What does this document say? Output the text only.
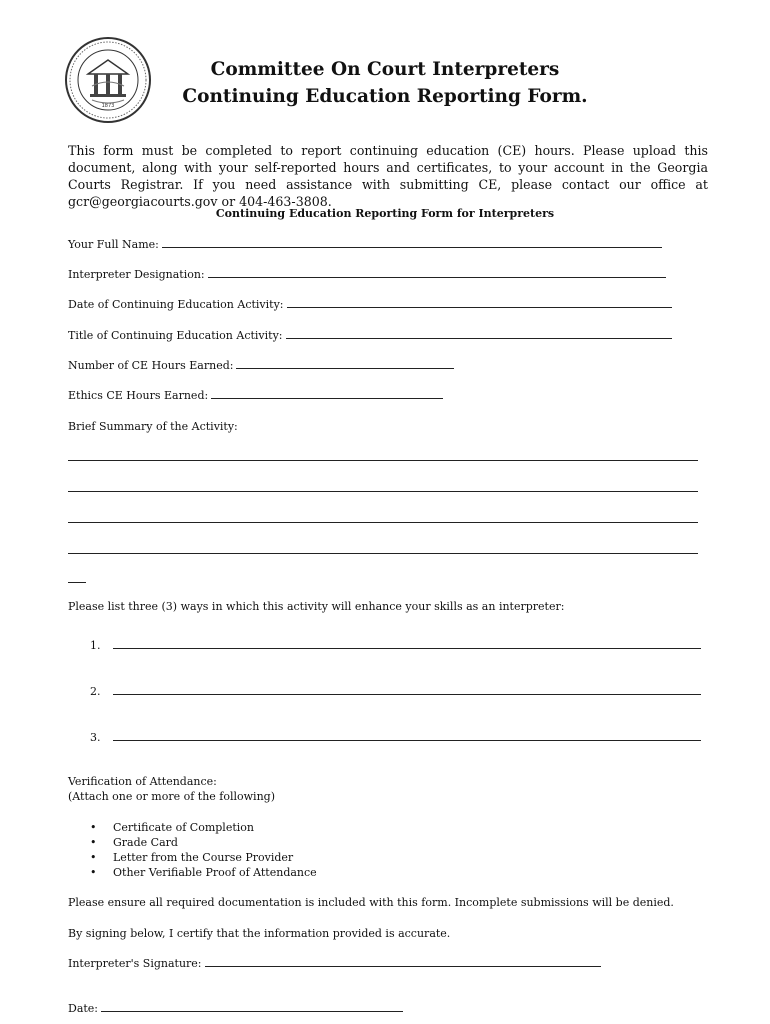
1873
Committee On Court Interpreters
Continuing Education Reporting Form.
This form must be completed to report continuing education (CE) hours. Please upload this document, along with your self-reported hours and certificates, to your account in the Georgia Courts Registrar. If you need assistance with submitting CE, please contact our office at gcr@georgiacourts.gov or 404-463-3808.
Continuing Education Reporting Form for Interpreters
Your Full Name:
Interpreter Designation:
Date of Continuing Education Activity:
Title of Continuing Education Activity:
Number of CE Hours Earned:
Ethics CE Hours Earned:
Brief Summary of the Activity:
Please list three (3) ways in which this activity will enhance your skills as an interpreter:
1.
2.
3.
Verification of Attendance:
(Attach one or more of the following)
•	Certificate of Completion
•	Grade Card
•	Letter from the Course Provider
•	Other Verifiable Proof of Attendance
Please ensure all required documentation is included with this form. Incomplete submissions will be denied.
By signing below, I certify that the information provided is accurate.
Interpreter's Signature:
Date:
